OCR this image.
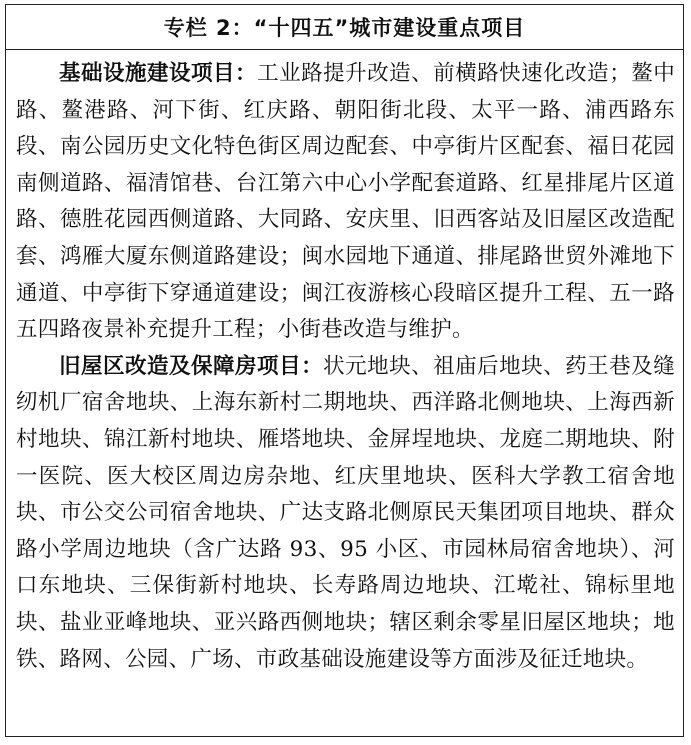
专栏 2：“十四五”城市建设重点项目

基础设施建设项目：工业路提升改造、前横路快速化改造；鳌中路、鳌港路、河下街、红庆路、朝阳街北段、太平一路、浦西路东段、南公园历史文化特色街区周边配套、中亭街片区配套、福日花园南侧道路、福清馆巷、台江第六中心小学配套道路、红星排尾片区道路、德胜花园西侧道路、大同路、安庆里、旧西客站及旧屋区改造配套、鸿雁大厦东侧道路建设；闽水园地下通道、排尾路世贸外滩地下通道、中亭街下穿通道建设；闽江夜游核心段暗区提升工程、五一路五四路夜景补充提升工程；小街巷改造与维护。

旧屋区改造及保障房项目：状元地块、祖庙后地块、药王巷及缝纫机厂宿舍地块、上海东新村二期地块、西洋路北侧地块、上海西新村地块、锦江新村地块、雁塔地块、金屏埕地块、龙庭二期地块、附一医院、医大校区周边房杂地、红庆里地块、医科大学教工宿舍地块、市公交公司宿舍地块、广达支路北侧原民天集团项目地块、群众路小学周边地块（含广达路 93、95 小区、市园林局宿舍地块）、河口东地块、三保街新村地块、长寿路周边地块、江墘社、锦标里地块、盐业亚峰地块、亚兴路西侧地块；辖区剩余零星旧屋区地块；地铁、路网、公园、广场、市政基础设施建设等方面涉及征迁地块。
